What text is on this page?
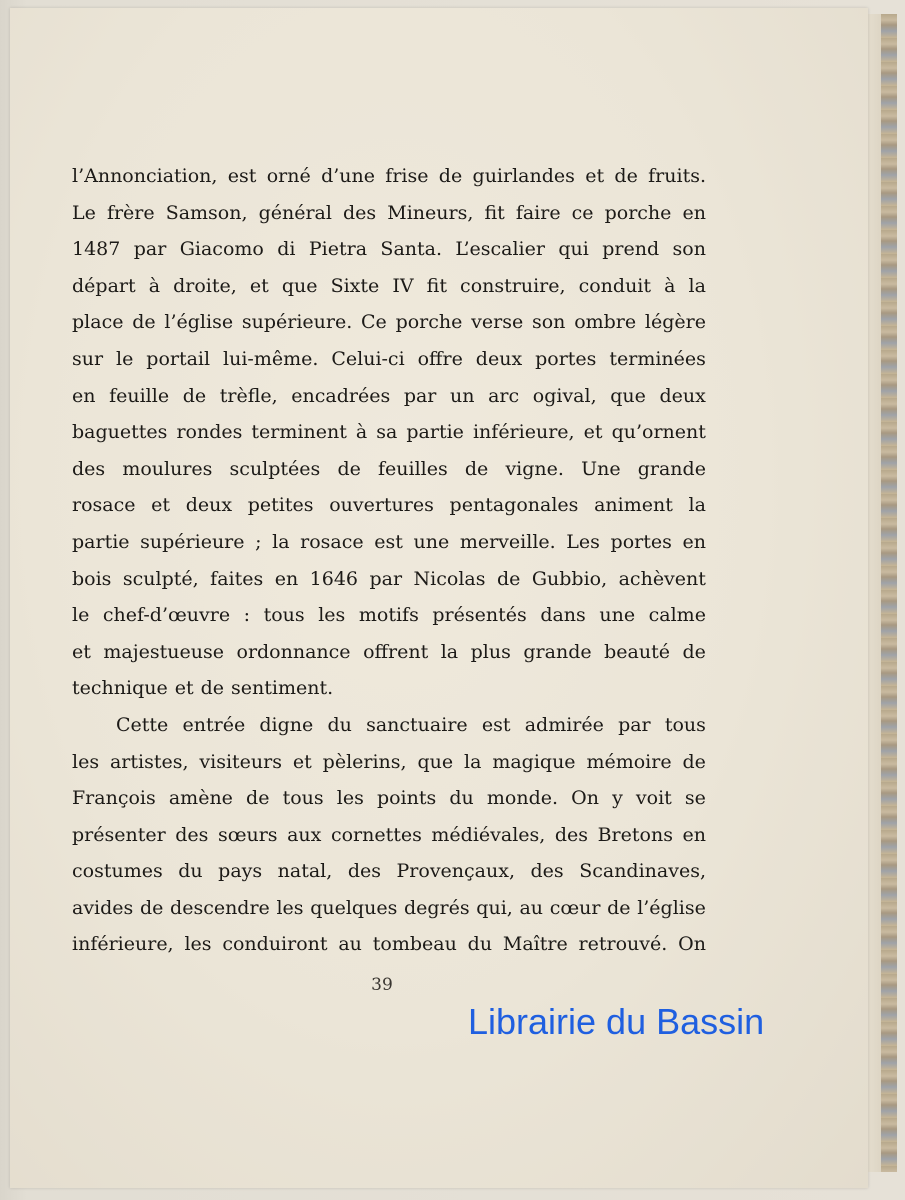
l’Annonciation, est orné d’une frise de guirlandes et de fruits.
Le frère Samson, général des Mineurs, fit faire ce porche en
1487 par Giacomo di Pietra Santa. L’escalier qui prend son
départ à droite, et que Sixte IV fit construire, conduit à la
place de l’église supérieure. Ce porche verse son ombre légère
sur le portail lui-même. Celui-ci offre deux portes terminées
en feuille de trèfle, encadrées par un arc ogival, que deux
baguettes rondes terminent à sa partie inférieure, et qu’ornent
des moulures sculptées de feuilles de vigne. Une grande
rosace et deux petites ouvertures pentagonales animent la
partie supérieure ; la rosace est une merveille. Les portes en
bois sculpté, faites en 1646 par Nicolas de Gubbio, achèvent
le chef-d’œuvre : tous les motifs présentés dans une calme
et majestueuse ordonnance offrent la plus grande beauté de
technique et de sentiment.
Cette entrée digne du sanctuaire est admirée par tous
les artistes, visiteurs et pèlerins, que la magique mémoire de
François amène de tous les points du monde. On y voit se
présenter des sœurs aux cornettes médiévales, des Bretons en
costumes du pays natal, des Provençaux, des Scandinaves,
avides de descendre les quelques degrés qui, au cœur de l’église
inférieure, les conduiront au tombeau du Maître retrouvé. On
39
Librairie du Bassin
